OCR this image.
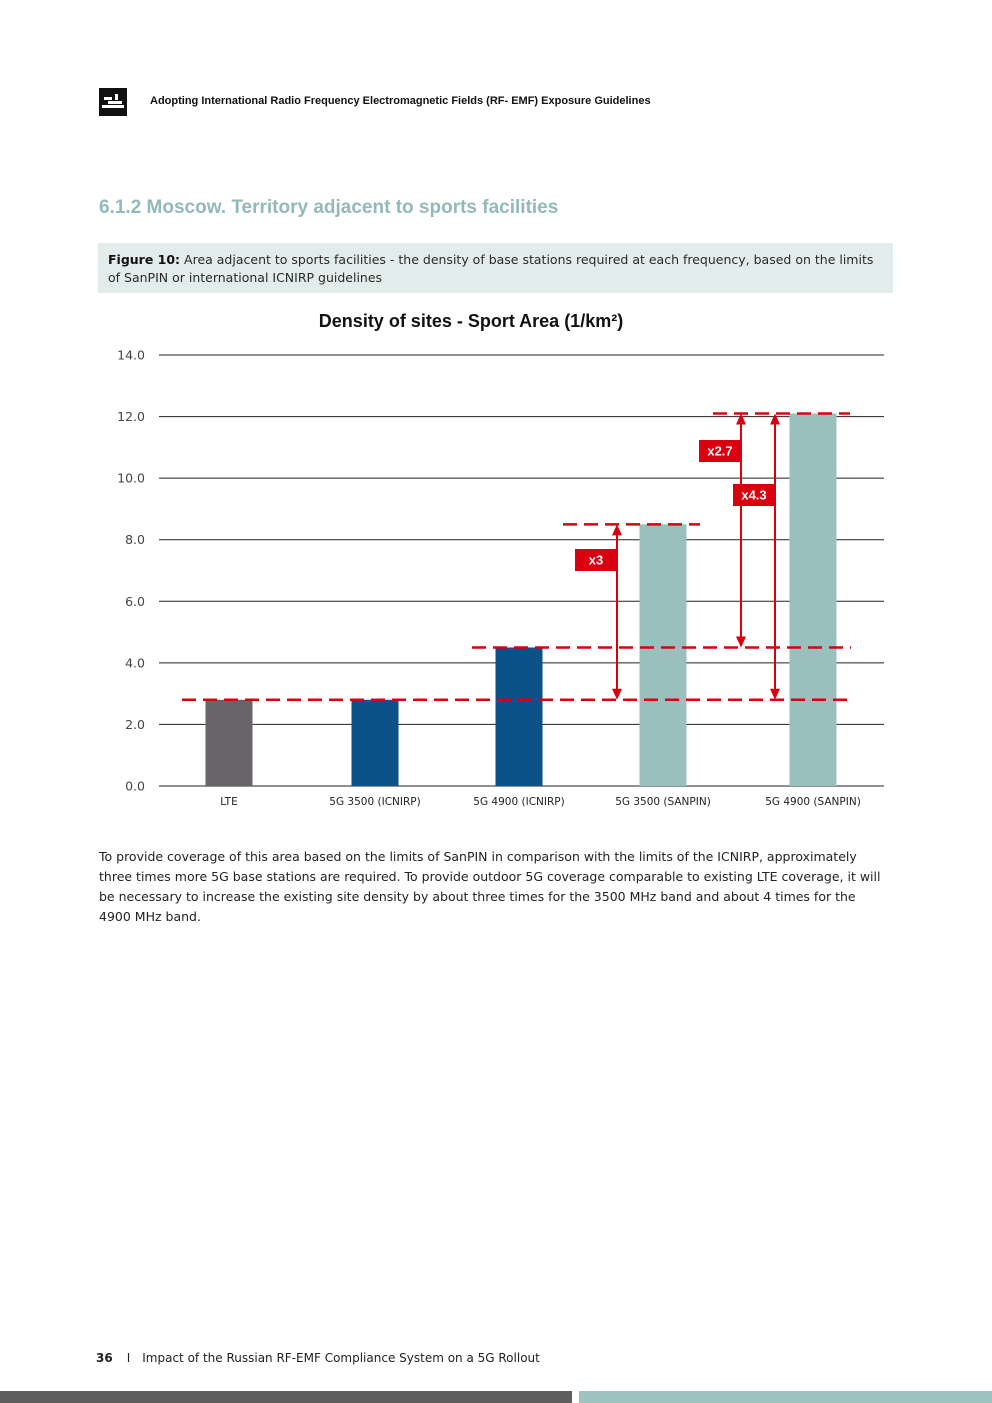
Adopting International Radio Frequency Electromagnetic Fields (RF- EMF) Exposure Guidelines
6.1.2 Moscow. Territory adjacent to sports facilities
Figure 10: Area adjacent to sports facilities - the density of base stations required at each frequency, based on the limits of SanPIN or international ICNIRP guidelines
Density of sites - Sport Area (1/km²)
0.0
2.0
4.0
6.0
8.0
10.0
12.0
14.0
LTE	5G 3500 (ICNIRP)	5G 4900 (ICNIRP)	5G 3500 (SANPIN)	5G 4900 (SANPIN)
x3
x2.7
x4.3
To provide coverage of this area based on the limits of SanPIN in comparison with the limits of the ICNIRP, approximately three times more 5G base stations are required. To provide outdoor 5G coverage comparable to existing LTE coverage, it will be necessary to increase the existing site density by about three times for the 3500 MHz band and about 4 times for the 4900 MHz band.
36 I Impact of the Russian RF-EMF Compliance System on a 5G Rollout
